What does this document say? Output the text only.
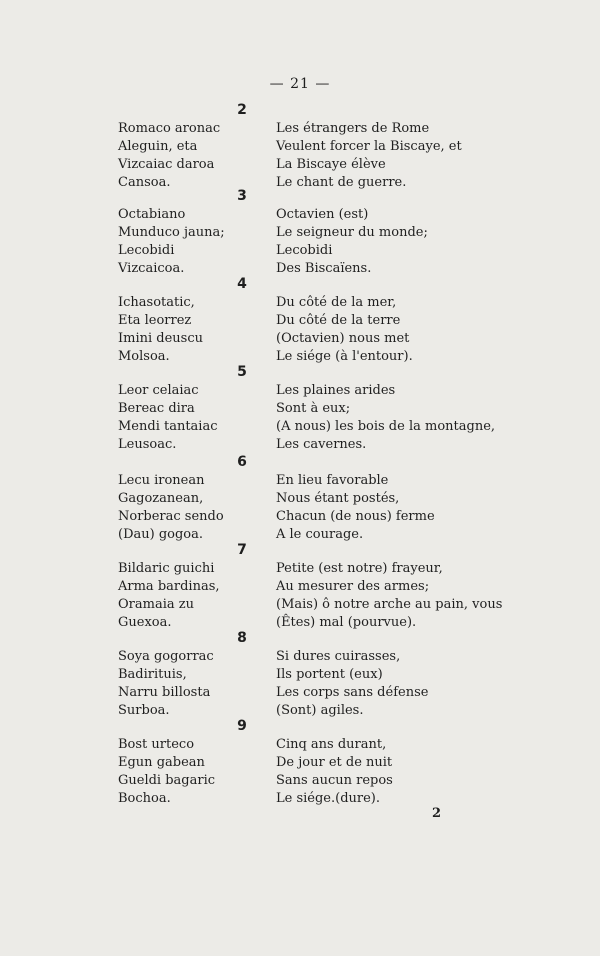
— 21 —
2
Romaco aronac
Aleguin, eta
Vizcaiac daroa
Cansoa.
Les étrangers de Rome
Veulent forcer la Biscaye, et
La Biscaye élève
Le chant de guerre.
3
Octabiano
Munduco jauna;
Lecobidi
Vizcaicoa.
Octavien (est)
Le seigneur du monde;
Lecobidi
Des Biscaïens.
4
Ichasotatic,
Eta leorrez
Imini deuscu
Molsoa.
Du côté de la mer,
Du côté de la terre
(Octavien) nous met
Le siége (à l'entour).
5
Leor celaiac
Bereac dira
Mendi tantaiac
Leusoac.
Les plaines arides
Sont à eux;
(A nous) les bois de la montagne,
Les cavernes.
6
Lecu ironean
Gagozanean,
Norberac sendo
(Dau) gogoa.
En lieu favorable
Nous étant postés,
Chacun (de nous) ferme
A le courage.
7
Bildaric guichi
Arma bardinas,
Oramaia zu
Guexoa.
Petite (est notre) frayeur,
Au mesurer des armes;
(Mais) ô notre arche au pain, vous
(Êtes) mal (pourvue).
8
Soya gogorrac
Badirituis,
Narru billosta
Surboa.
Si dures cuirasses,
Ils portent (eux)
Les corps sans défense
(Sont) agiles.
9
Bost urteco
Egun gabean
Gueldi bagaric
Bochoa.
Cinq ans durant,
De jour et de nuit
Sans aucun repos
Le siége.(dure).
2
